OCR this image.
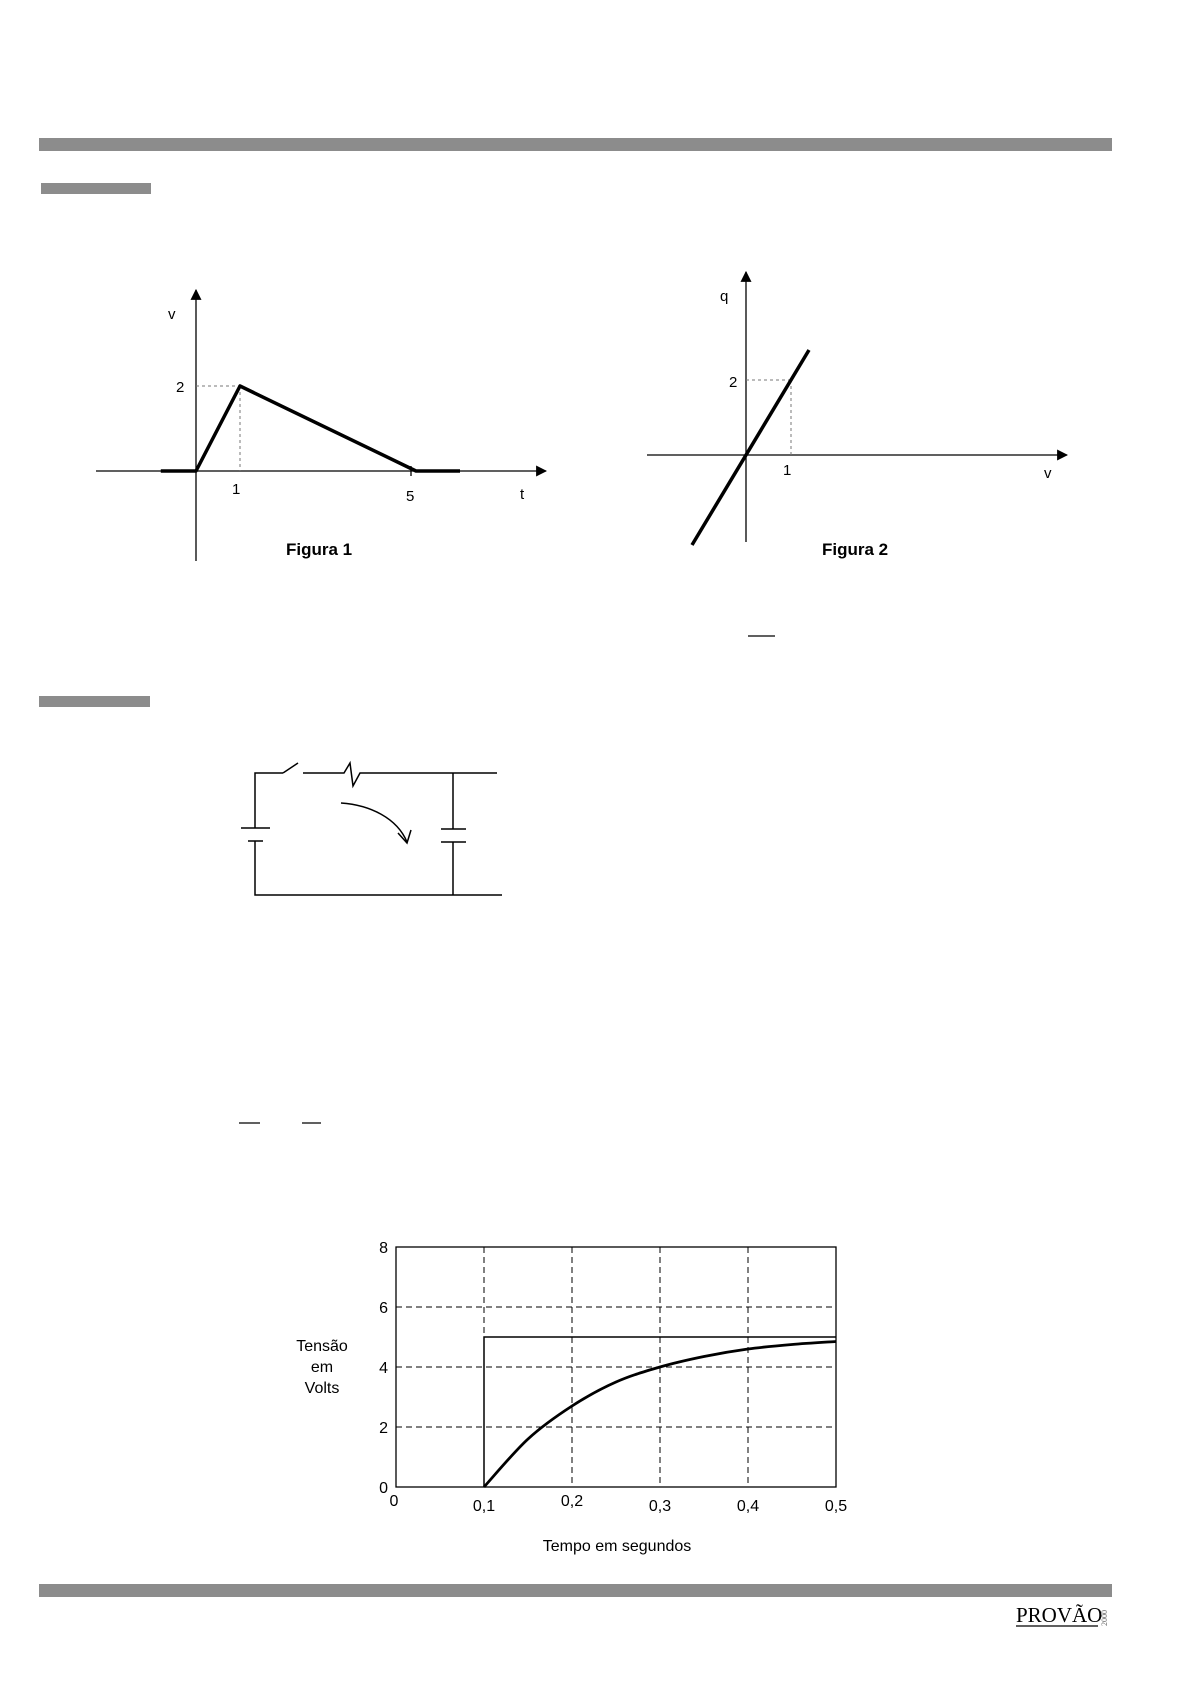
v
t
2
1	5
Figura 1
q
v
2
1
Figura 2
0
2
4
6
8
0	0,1	0,2	0,3	0,4	0,5
Tensão
em
Volts
Tempo em segundos
PROVÃO
2000
